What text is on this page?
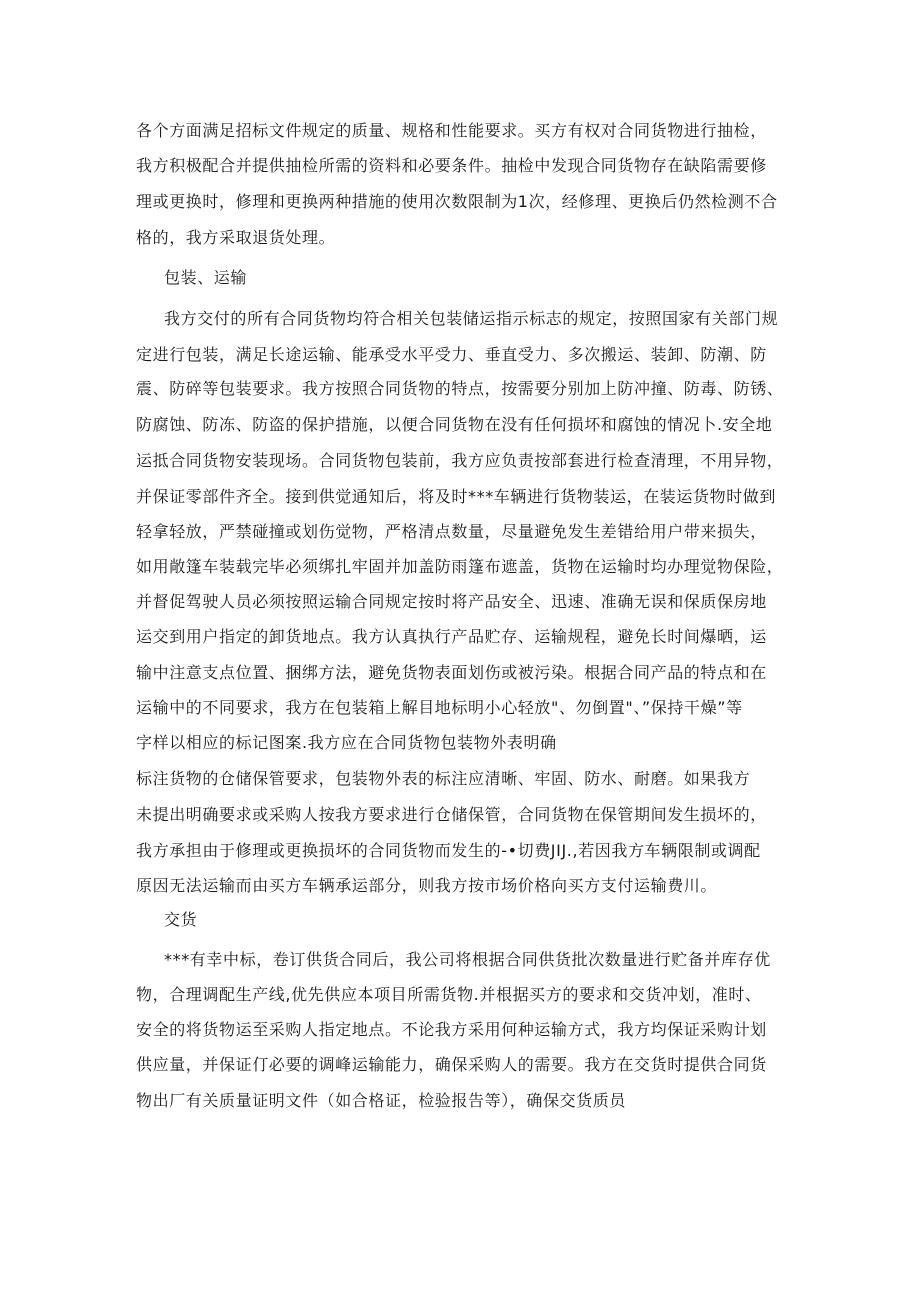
各个方面满足招标文件规定的质量、规格和性能要求。买方有权对合同货物进行抽检，
我方积极配合并提供抽检所需的资料和必要条件。抽检中发现合同货物存在缺陷需要修
理或更换时，修理和更换两种措施的使用次数限制为1次，经修理、更换后仍然检测不合
格的，我方采取退货处理。
包装、运输
我方交付的所有合同货物均符合相关包装储运指示标志的规定，按照国家有关部门规
定进行包装，满足长途运输、能承受水平受力、垂直受力、多次搬运、装卸、防潮、防
震、防碎等包装要求。我方按照合同货物的特点，按需要分别加上防冲撞、防毒、防锈、
防腐蚀、防冻、防盗的保护措施，以便合同货物在没有任何损坏和腐蚀的情况卜.安全地
运抵合同货物安装现场。合同货物包装前，我方应负责按部套进行检查清理，不用异物，
并保证零部件齐全。接到供觉通知后，将及时***车辆进行货物装运，在装运货物时做到
轻拿轻放，严禁碰撞或划伤觉物，严格清点数量，尽量避免发生差错给用户带来损失，
如用敞篷车装载完毕必须绑扎牢固并加盖防雨篷布遮盖，货物在运输时均办理觉物保险，
并督促驾驶人员必须按照运输合同规定按时将产品安全、迅速、准确无误和保质保房地
运交到用户指定的卸货地点。我方认真执行产品贮存、运输规程，避免长时间爆晒，运
输中注意支点位置、捆绑方法，避免货物表面划伤或被污染。根据合同产品的特点和在
运输中的不同要求，我方在包装箱上解目地标明小心轻放"、勿倒置"、”保持干燥”等
字样以相应的标记图案.我方应在合同货物包装物外表明确
标注货物的仓储保管要求，包装物外表的标注应清晰、牢固、防水、耐磨。如果我方
未提出明确要求或采购人按我方要求进行仓储保管，合同货物在保管期间发生损坏的，
我方承担由于修理或更换损坏的合同货物而发生的-•切费JIJ.,若因我方车辆限制或调配
原因无法运输而由买方车辆承运部分，则我方按市场价格向买方支付运输费川。
交货
***有幸中标，卷订供货合同后，我公司将根据合同供货批次数量进行贮备并库存优
物，合理调配生产线,优先供应本项目所需货物.并根据买方的要求和交货冲划，准时、
安全的将货物运至采购人指定地点。不论我方采用何种运输方式，我方均保证采购计划
供应量，并保证仃必要的调峰运输能力，确保采购人的需要。我方在交货时提供合同货
物出厂有关质量证明文件（如合格证，检验报告等），确保交货质员
